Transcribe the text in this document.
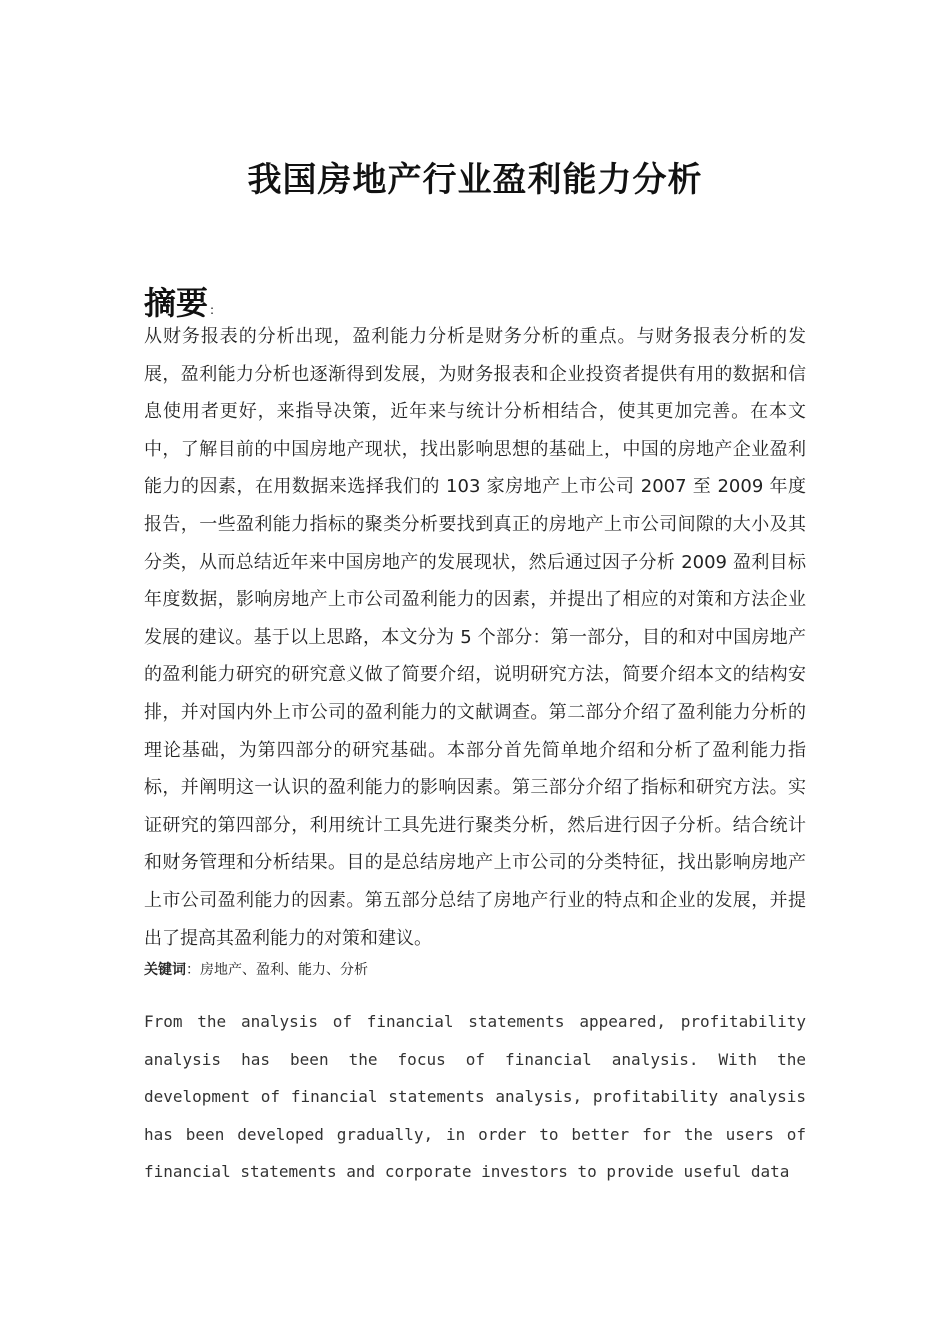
我国房地产行业盈利能力分析
摘要 :
从财务报表的分析出现，盈利能力分析是财务分析的重点。与财务报表分析的发展，盈利能力分析也逐渐得到发展，为财务报表和企业投资者提供有用的数据和信息使用者更好，来指导决策，近年来与统计分析相结合，使其更加完善。在本文中，了解目前的中国房地产现状，找出影响思想的基础上，中国的房地产企业盈利能力的因素，在用数据来选择我们的 103 家房地产上市公司 2007 至 2009 年度报告，一些盈利能力指标的聚类分析要找到真正的房地产上市公司间隙的大小及其分类，从而总结近年来中国房地产的发展现状，然后通过因子分析 2009 盈利目标年度数据，影响房地产上市公司盈利能力的因素，并提出了相应的对策和方法企业发展的建议。基于以上思路，本文分为 5 个部分：第一部分，目的和对中国房地产的盈利能力研究的研究意义做了简要介绍，说明研究方法，简要介绍本文的结构安排，并对国内外上市公司的盈利能力的文献调查。第二部分介绍了盈利能力分析的理论基础，为第四部分的研究基础。本部分首先简单地介绍和分析了盈利能力指标，并阐明这一认识的盈利能力的影响因素。第三部分介绍了指标和研究方法。实证研究的第四部分，利用统计工具先进行聚类分析，然后进行因子分析。结合统计和财务管理和分析结果。目的是总结房地产上市公司的分类特征，找出影响房地产上市公司盈利能力的因素。第五部分总结了房地产行业的特点和企业的发展，并提出了提高其盈利能力的对策和建议。
关键词：房地产、盈利、能力、分析
From the analysis of financial statements appeared, profitability analysis has been the focus of financial analysis. With the development of financial statements analysis, profitability analysis has been developed gradually, in order to better for the users of financial statements and corporate investors to provide useful data
